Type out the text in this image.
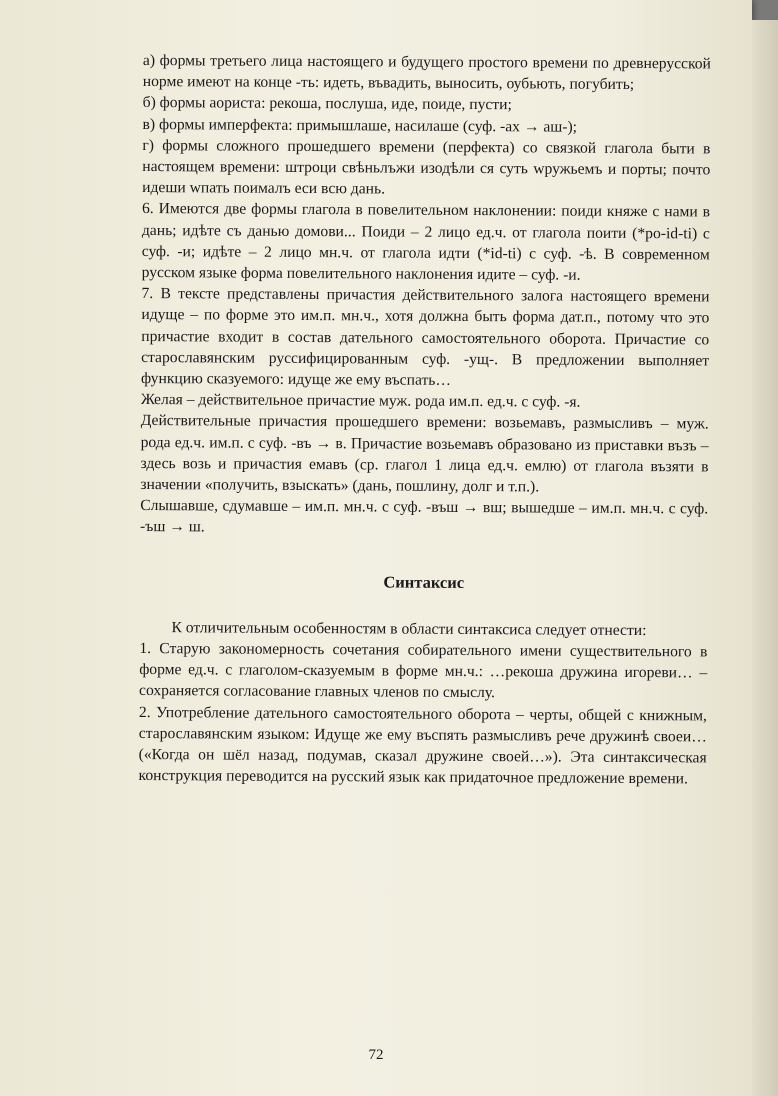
а) формы третьего лица настоящего и будущего простого времени по древнерусской норме имеют на конце -ть: идеть, въвадить, выносить, оубьють, погубить;

б) формы аориста: рекоша, послуша, иде, поиде, пусти;

в) формы имперфекта: примышлаше, насилаше (суф. -ах → аш-);

г) формы сложного прошедшего времени (перфекта) со связкой глагола быти в настоящем времени: штроци свѣньлъжи изодѣли ся суть wружьемъ и порты; почто идеши wпать поималъ еси всю дань.

6. Имеются две формы глагола в повелительном наклонении: поиди княже с нами в дань; идѣте съ данью домови... Поиди – 2 лицо ед.ч. от глагола поити (*po-id-ti) с суф. -и; идѣте – 2 лицо мн.ч. от глагола идти (*id-ti) с суф. -ѣ. В современном русском языке форма повелительного наклонения идите – суф. -и.

7. В тексте представлены причастия действительного залога настоящего времени идуще – по форме это им.п. мн.ч., хотя должна быть форма дат.п., потому что это причастие входит в состав дательного самостоятельного оборота. Причастие со старославянским руссифицированным суф. -ущ-. В предложении выполняет функцию сказуемого: идуще же ему въспать…

Желая – действительное причастие муж. рода им.п. ед.ч. с суф. -я.

Действительные причастия прошедшего времени: возьемавъ, размысливъ – муж. рода ед.ч. им.п. с суф. -въ → в. Причастие возьемавъ образовано из приставки възъ – здесь возь и причастия емавъ (ср. глагол 1 лица ед.ч. емлю) от глагола възяти в значении «получить, взыскать» (дань, пошлину, долг и т.п.).

Слышавше, сдумавше – им.п. мн.ч. с суф. -въш → вш; вышедше – им.п. мн.ч. с суф. -ъш → ш.

Синтаксис

К отличительным особенностям в области синтаксиса следует отнести:

1. Старую закономерность сочетания собирательного имени существительного в форме ед.ч. с глаголом-сказуемым в форме мн.ч.: …рекоша дружина игореви… – сохраняется согласование главных членов по смыслу.

2. Употребление дательного самостоятельного оборота – черты, общей с книжным, старославянским языком: Идуще же ему въспять размысливъ рече дружинѣ своеи… («Когда он шёл назад, подумав, сказал дружине своей…»). Эта синтаксическая конструкция переводится на русский язык как придаточное предложение времени.

72
